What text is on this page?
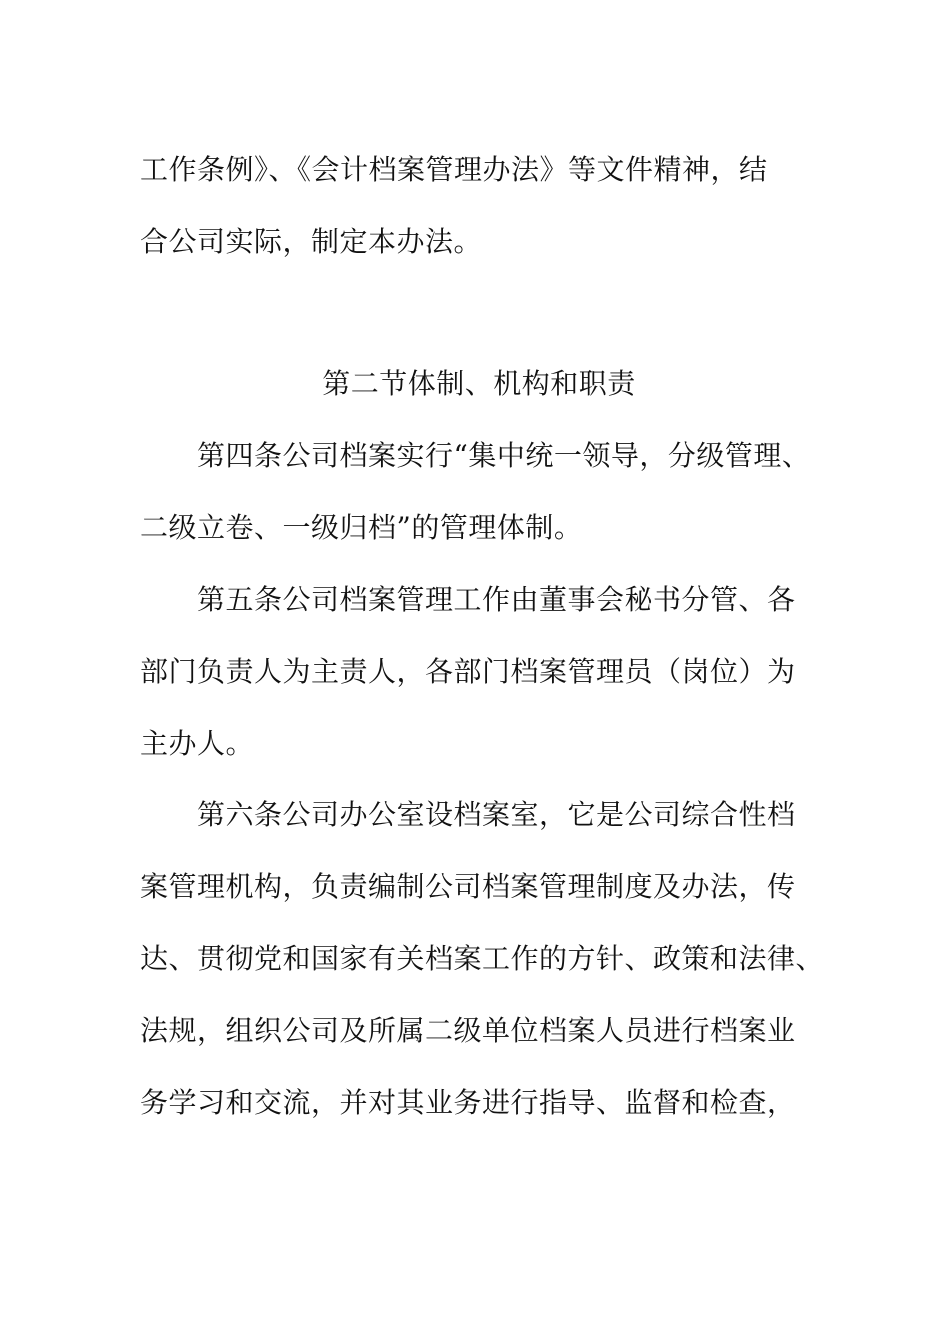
工作条例》、《会计档案管理办法》等文件精神，结
合公司实际，制定本办法。
第二节体制、机构和职责
第四条公司档案实行“集中统一领导，分级管理、
二级立卷、一级归档”的管理体制。
第五条公司档案管理工作由董事会秘书分管、各
部门负责人为主责人，各部门档案管理员（岗位）为
主办人。
第六条公司办公室设档案室，它是公司综合性档
案管理机构，负责编制公司档案管理制度及办法，传
达、贯彻党和国家有关档案工作的方针、政策和法律、
法规，组织公司及所属二级单位档案人员进行档案业
务学习和交流，并对其业务进行指导、监督和检查，
